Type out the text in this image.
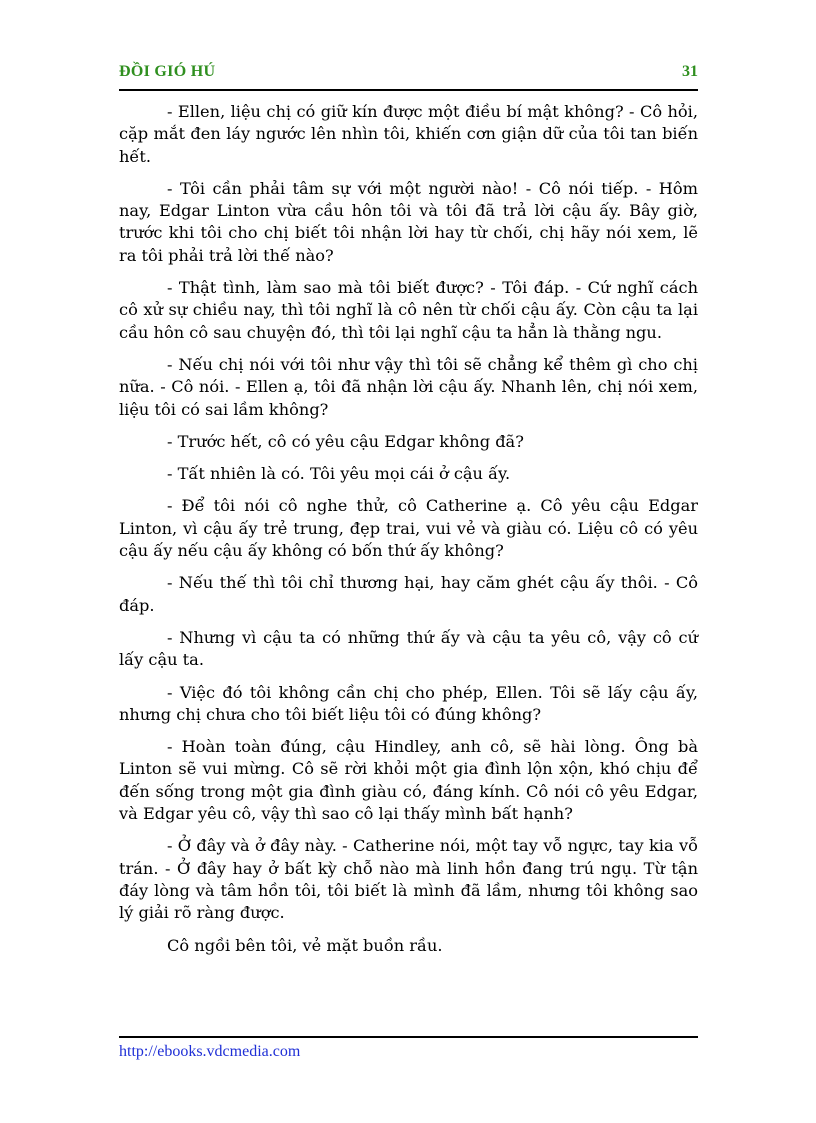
ĐỒI GIÓ HÚ	31

- Ellen, liệu chị có giữ kín được một điều bí mật không? - Cô hỏi, cặp mắt đen láy ngước lên nhìn tôi, khiến cơn giận dữ của tôi tan biến hết.

- Tôi cần phải tâm sự với một người nào! - Cô nói tiếp. - Hôm nay, Edgar Linton vừa cầu hôn tôi và tôi đã trả lời cậu ấy. Bây giờ, trước khi tôi cho chị biết tôi nhận lời hay từ chối, chị hãy nói xem, lẽ ra tôi phải trả lời thế nào?

- Thật tình, làm sao mà tôi biết được? - Tôi đáp. - Cứ nghĩ cách cô xử sự chiều nay, thì tôi nghĩ là cô nên từ chối cậu ấy. Còn cậu ta lại cầu hôn cô sau chuyện đó, thì tôi lại nghĩ cậu ta hẳn là thằng ngu.

- Nếu chị nói với tôi như vậy thì tôi sẽ chẳng kể thêm gì cho chị nữa. - Cô nói. - Ellen ạ, tôi đã nhận lời cậu ấy. Nhanh lên, chị nói xem, liệu tôi có sai lầm không?

- Trước hết, cô có yêu cậu Edgar không đã?

- Tất nhiên là có. Tôi yêu mọi cái ở cậu ấy.

- Để tôi nói cô nghe thử, cô Catherine ạ. Cô yêu cậu Edgar Linton, vì cậu ấy trẻ trung, đẹp trai, vui vẻ và giàu có. Liệu cô có yêu cậu ấy nếu cậu ấy không có bốn thứ ấy không?

- Nếu thế thì tôi chỉ thương hại, hay căm ghét cậu ấy thôi. - Cô đáp.

- Nhưng vì cậu ta có những thứ ấy và cậu ta yêu cô, vậy cô cứ lấy cậu ta.

- Việc đó tôi không cần chị cho phép, Ellen. Tôi sẽ lấy cậu ấy, nhưng chị chưa cho tôi biết liệu tôi có đúng không?

- Hoàn toàn đúng, cậu Hindley, anh cô, sẽ hài lòng. Ông bà Linton sẽ vui mừng. Cô sẽ rời khỏi một gia đình lộn xộn, khó chịu để đến sống trong một gia đình giàu có, đáng kính. Cô nói cô yêu Edgar, và Edgar yêu cô, vậy thì sao cô lại thấy mình bất hạnh?

- Ở đây và ở đây này. - Catherine nói, một tay vỗ ngực, tay kia vỗ trán. - Ở đây hay ở bất kỳ chỗ nào mà linh hồn đang trú ngụ. Từ tận đáy lòng và tâm hồn tôi, tôi biết là mình đã lầm, nhưng tôi không sao lý giải rõ ràng được.

Cô ngồi bên tôi, vẻ mặt buồn rầu.

http://ebooks.vdcmedia.com
